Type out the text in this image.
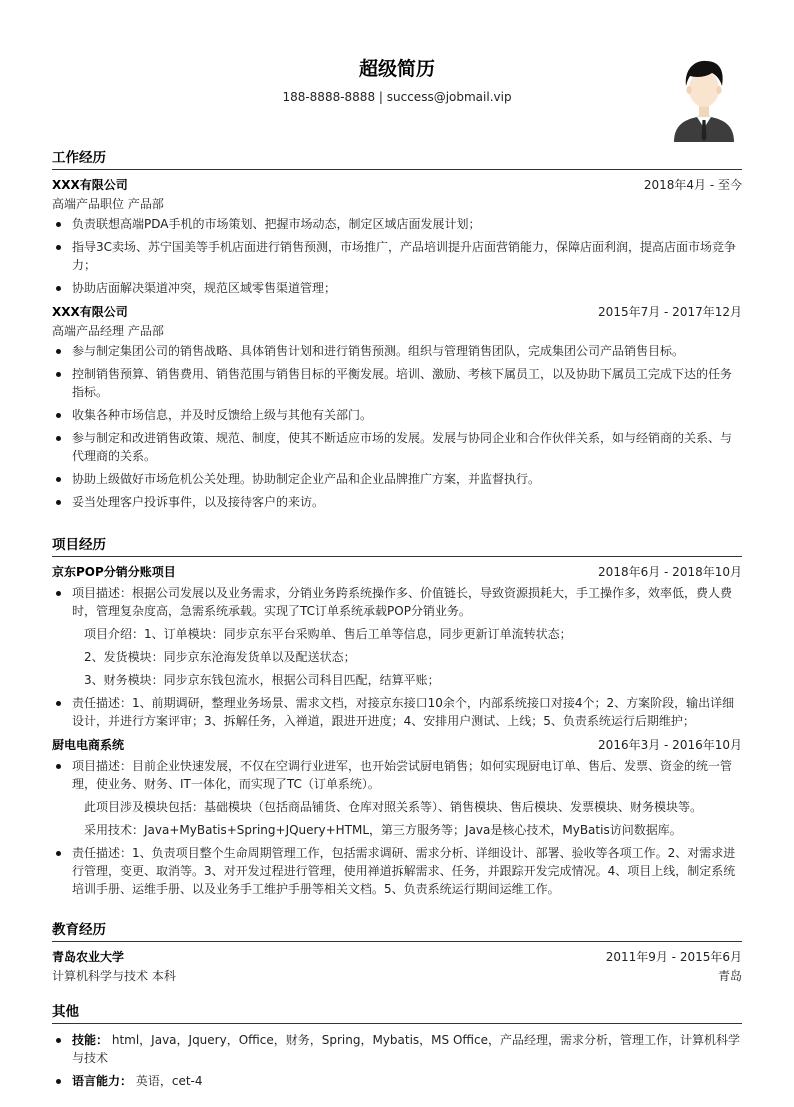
超级简历
188-8888-8888 | success@jobmail.vip
工作经历
XXX有限公司	2018年4月 - 至今
高端产品职位 产品部
负责联想高端PDA手机的市场策划、把握市场动态，制定区域店面发展计划；
指导3C卖场、苏宁国美等手机店面进行销售预测，市场推广，产品培训提升店面营销能力，保障店面利润，提高店面市场竞争力；
协助店面解决渠道冲突，规范区域零售渠道管理；
XXX有限公司	2015年7月 - 2017年12月
高端产品经理 产品部
参与制定集团公司的销售战略、具体销售计划和进行销售预测。组织与管理销售团队，完成集团公司产品销售目标。
控制销售预算、销售费用、销售范围与销售目标的平衡发展。培训、激励、考核下属员工，以及协助下属员工完成下达的任务指标。
收集各种市场信息，并及时反馈给上级与其他有关部门。
参与制定和改进销售政策、规范、制度，使其不断适应市场的发展。发展与协同企业和合作伙伴关系，如与经销商的关系、与代理商的关系。
协助上级做好市场危机公关处理。协助制定企业产品和企业品牌推广方案，并监督执行。
妥当处理客户投诉事件，以及接待客户的来访。
项目经历
京东POP分销分账项目	2018年6月 - 2018年10月
项目描述：根据公司发展以及业务需求，分销业务跨系统操作多、价值链长，导致资源损耗大，手工操作多，效率低，费人费时，管理复杂度高，急需系统承载。实现了TC订单系统承载POP分销业务。
项目介绍：1、订单模块：同步京东平台采购单、售后工单等信息，同步更新订单流转状态；
2、发货模块：同步京东沧海发货单以及配送状态；
3、财务模块：同步京东钱包流水，根据公司科目匹配，结算平账；
责任描述：1、前期调研，整理业务场景、需求文档，对接京东接口10余个，内部系统接口对接4个；2、方案阶段，输出详细设计，并进行方案评审；3、拆解任务，入禅道，跟进开进度；4、安排用户测试、上线；5、负责系统运行后期维护；
厨电电商系统	2016年3月 - 2016年10月
项目描述：目前企业快速发展，不仅在空调行业进军，也开始尝试厨电销售；如何实现厨电订单、售后、发票、资金的统一管理，使业务、财务、IT一体化，而实现了TC（订单系统）。
此项目涉及模块包括：基础模块（包括商品铺货、仓库对照关系等）、销售模块、售后模块、发票模块、财务模块等。
采用技术：Java+MyBatis+Spring+JQuery+HTML，第三方服务等；Java是核心技术，MyBatis访问数据库。
责任描述：1、负责项目整个生命周期管理工作，包括需求调研、需求分析、详细设计、部署、验收等各项工作。2、对需求进行管理，变更、取消等。3、对开发过程进行管理，使用禅道拆解需求、任务，并跟踪开发完成情况。4、项目上线，制定系统培训手册、运维手册、以及业务手工维护手册等相关文档。5、负责系统运行期间运维工作。
教育经历
青岛农业大学	2011年9月 - 2015年6月
计算机科学与技术 本科	青岛
其他
技能： html，Java，Jquery，Office，财务，Spring，Mybatis，MS Office，产品经理，需求分析，管理工作，计算机科学与技术
语言能力： 英语，cet-4
